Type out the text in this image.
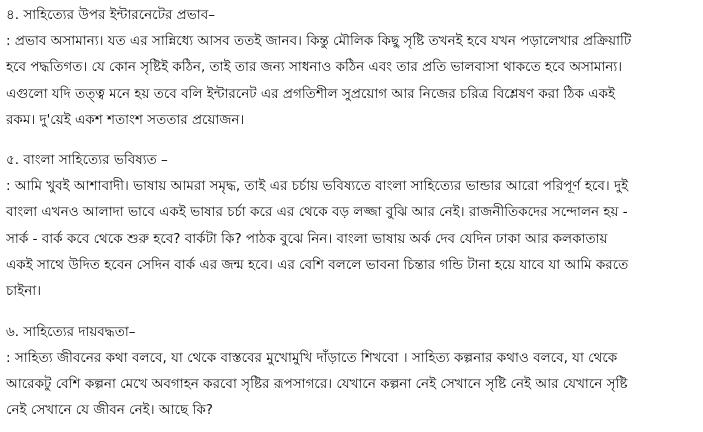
৪. সাহিত্যের উপর ইন্টারনেটের প্রভাব–
: প্রভাব অসামান্য। যত এর সান্নিধ্যে আসব ততই জানব। কিন্তু মৌলিক কিছু সৃষ্টি তখনই হবে যখন পড়ালেখার প্রক্রিয়াটি
হবে পদ্ধতিগত। যে কোন সৃষ্টিই কঠিন, তাই তার জন্য সাধনাও কঠিন এবং তার প্রতি ভালবাসা থাকতে হবে অসামান্য।
এগুলো যদি তত্ত্ব মনে হয় তবে বলি ইন্টারনেট এর প্রগতিশীল সুপ্রয়োগ আর নিজের চরিত্র বিশ্লেষণ করা ঠিক একই
রকম। দু'য়েই একশ শতাংশ সততার প্রয়োজন।
৫. বাংলা সাহিত্যের ভবিষ্যত –
: আমি খুবই আশাবাদী। ভাষায় আমরা সমৃদ্ধ, তাই এর চর্চায় ভবিষ্যতে বাংলা সাহিত্যের ভান্ডার আরো পরিপূর্ণ হবে। দুই
বাংলা এখনও আলাদা ভাবে একই ভাষার চর্চা করে এর থেকে বড় লজ্জা বুঝি আর নেই। রাজনীতিকদের সন্দোলন হয় -
সার্ক - বার্ক কবে থেকে শুরু হবে? বার্কটা কি? পাঠক বুঝে নিন। বাংলা ভাষায় অর্ক দেব যেদিন ঢাকা আর কলকাতায়
একই সাথে উদিত হবেন সেদিন বার্ক এর জন্ম হবে। এর বেশি বললে ভাবনা চিন্তার গন্ডি টানা হয়ে যাবে যা আমি করতে
চাইনা।
৬. সাহিত্যের দায়বদ্ধতা–
: সাহিত্য জীবনের কথা বলবে, যা থেকে বাস্তবের মুখোমুখি দাঁড়াতে শিখবো । সাহিত্য কল্পনার কথাও বলবে, যা থেকে
আরেকটু বেশি কল্পনা মেখে অবগাহন করবো সৃষ্টির রূপসাগরে। যেখানে কল্পনা নেই সেখানে সৃষ্টি নেই আর যেখানে সৃষ্টি
নেই সেখানে যে জীবন নেই। আছে কি?
